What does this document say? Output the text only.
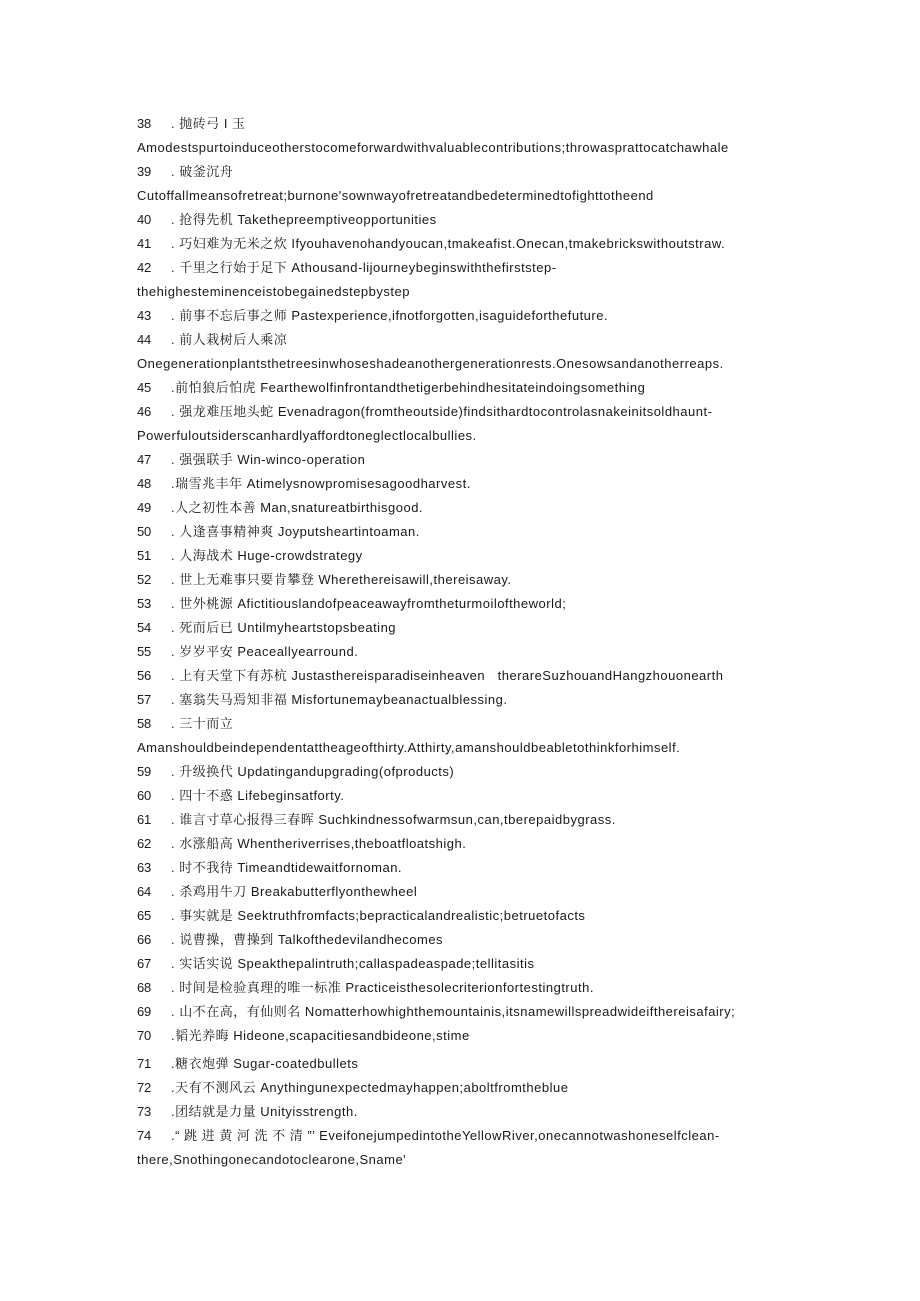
38 . 抛砖弓 I 玉
Amodestspurtoinduceotherstocomeforwardwithvaluablecontributions;throwasprattocatchawhale
39 . 破釜沉舟
Cutoffallmeansofretreat;burnone'sownwayofretreatandbedeterminedtofighttotheend
40 . 抢得先机 Takethepreemptiveopportunities
41 . 巧妇难为无米之炊 Ifyouhavenohandyoucan,tmakeafist.Onecan,tmakebrickswithoutstraw.
42 . 千里之行始于足下 Athousand-lijourneybeginswiththefirststep-
thehighesteminenceistobegainedstepbystep
43 . 前事不忘后事之师 Pastexperience,ifnotforgotten,isaguideforthefuture.
44 . 前人栽树后人乘凉
Onegenerationplantsthetreesinwhoseshadeanothergenerationrests.Onesowsandanotherreaps.
45 .前怕狼后怕虎 Fearthewolfinfrontandthetigerbehindhesitateindoingsomething
46 . 强龙难压地头蛇 Evenadragon(fromtheoutside)findsithardtocontrolasnakeinitsoldhaunt-
Powerfuloutsiderscanhardlyaffordtoneglectlocalbullies.
47 . 强强联手 Win-winco-operation
48 .瑞雪兆丰年 Atimelysnowpromisesagoodharvest.
49 .人之初性本善 Man,snatureatbirthisgood.
50 . 人逢喜事精神爽 Joyputsheartintoaman.
51 . 人海战术 Huge-crowdstrategy
52 . 世上无难事只要肯攀登 Wherethereisawill,thereisaway.
53 . 世外桃源 Afictitiouslandofpeaceawayfromtheturmoiloftheworld;
54 . 死而后已 Untilmyheartstopsbeating
55 . 岁岁平安 Peaceallyearround.
56 . 上有天堂下有苏杭 JustasthereisparadiseinheavenﾠtherareSuzhouandHangzhouonearth
57 . 塞翁失马焉知非福 Misfortunemaybeanactualblessing.
58 . 三十而立
Amanshouldbeindependentattheageofthirty.Atthirty,amanshouldbeabletothinkforhimself.
59 . 升级换代 Updatingandupgrading(ofproducts)
60 . 四十不惑 Lifebeginsatforty.
61 . 谁言寸草心报得三春晖 Suchkindnessofwarmsun,can,tberepaidbygrass.
62 . 水涨船高 Whentheriverrises,theboatfloatshigh.
63 . 时不我待 Timeandtidewaitfornoman.
64 . 杀鸡用牛刀 Breakabutterflyonthewheel
65 . 事实就是 Seektruthfromfacts;bepracticalandrealistic;betruetofacts
66 . 说曹操，曹操到 Talkofthedevilandhecomes
67 . 实话实说 Speakthepalintruth;callaspadeaspade;tellitasitis
68 . 时间是检验真理的唯一标准 Practiceisthesolecriterionfortestingtruth.
69 . 山不在高，有仙则名 Nomatterhowhighthemountainis,itsnamewillspreadwideifthereisafairy;
70 .韬光养晦 Hideone,scapacitiesandbideone,stime
71 .糖衣炮弹 Sugar-coatedbullets
72 .天有不测风云 Anythingunexpectedmayhappen;aboltfromtheblue
73 .团结就是力量 Unityisstrength.
74 .“ 跳 进 黄 河 洗 不 清 ”’ EveifonejumpedintotheYellowRiver,onecannotwashoneselfclean-
there,Snothingonecandotoclearone,Sname'
